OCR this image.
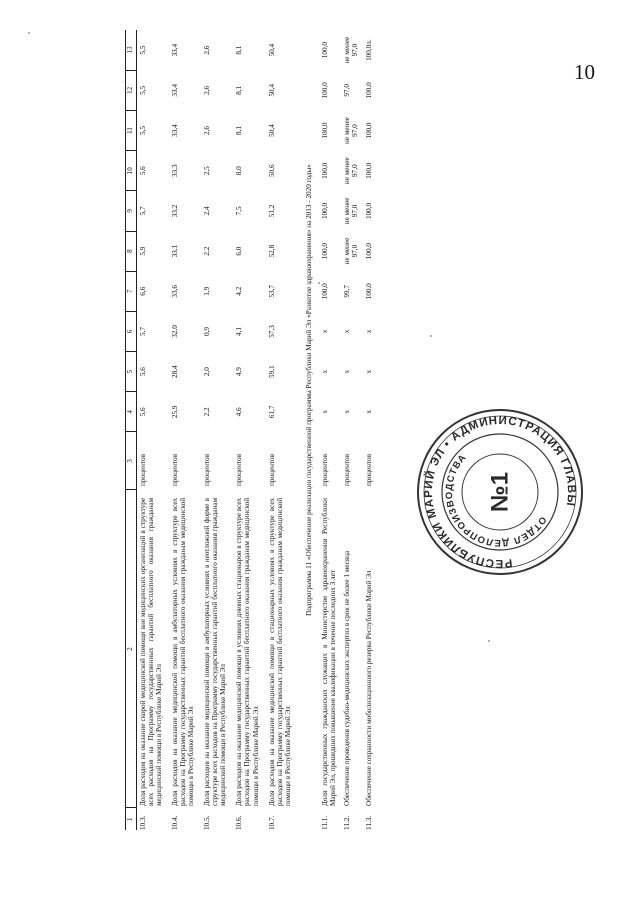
10
1	2	3	4	5	6	7	8	9	10	11	12	13
10.3.	Доля расходов на оказание скорой медицинской помощи вне медицинских организаций в структуре всех расходов на Программу государственных гарантий бесплатного оказания гражданам медицинской помощи в Республике Марий Эл	процентов	5,6	5,6	5,7	6,6	5,9	5,7	5,6	5,5	5,5	5,5
10.4.	Доля расходов на оказание медицинской помощи в амбулаторных условиях в структуре всех расходов на Программу государственных гарантий бесплатного оказания гражданам медицинской помощи в Республике Марий Эл	процентов	25,9	28,4	32,0	33,6	33,1	33,2	33,3	33,4	33,4	33,4
10.5.	Доля расходов на оказание медицинской помощи в амбулаторных условиях в неотложной форме в структуре всех расходов на Программу государственных гарантий бесплатного оказания гражданам медицинской помощи в Республике Марий Эл	процентов	2,2	2,0	0,9	1,9	2,2	2,4	2,5	2,6	2,6	2,6
10.6.	Доля расходов на оказание медицинской помощи в условиях дневных стационаров в структуре всех расходов на Программу государственных гарантий бесплатного оказания гражданам медицинской помощи в Республике Марий Эл	процентов	4,6	4,9	4,1	4,2	6,0	7,5	8,0	8,1	8,1	8,1
10.7.	Доля расходов на оказание медицинской помощи в стационарных условиях в структуре всех расходов на Программу государственных гарантий бесплатного оказания гражданам медицинской помощи в Республике Марий Эл	процентов	61,7	59,1	57,3	53,7	52,8	51,2	50,6	50,4	50,4	50,4
Подпрограмма 11 «Обеспечение реализации государственной программы Республики Марий Эл «Развитие здравоохранения» на 2013 - 2020 годы»												
11.1.	Доля государственных гражданских служащих в Министерстве здравоохранения Республики Марий Эл, прошедших повышение квалификации в течение последних 3 лет	процентов	x	x	x	100,0	100,0	100,0	100,0	100,0	100,0	100,0
11.2.	Обеспечение проведения судебно-медицинских экспертиз в срок не более 1 месяца	процентов	x	x	x	99,7	не менее 97,0	не менее 97,0	не менее 97,0	не менее 97,0	97,0	не менее 97,0
11.3.	Обеспечение сохранности мобилизационного резерва Республики Марий Эл	процентов	x	x	x	100,0	100,0	100,0	100,0	100,0	100,0	100,0л.
РЕСПУБЛИКИ МАРИЙ ЭЛ • АДМИНИСТРАЦИЯ ГЛАВЫ
ОТДЕЛ ДЕЛОПРОИЗВОДСТВА
№1
